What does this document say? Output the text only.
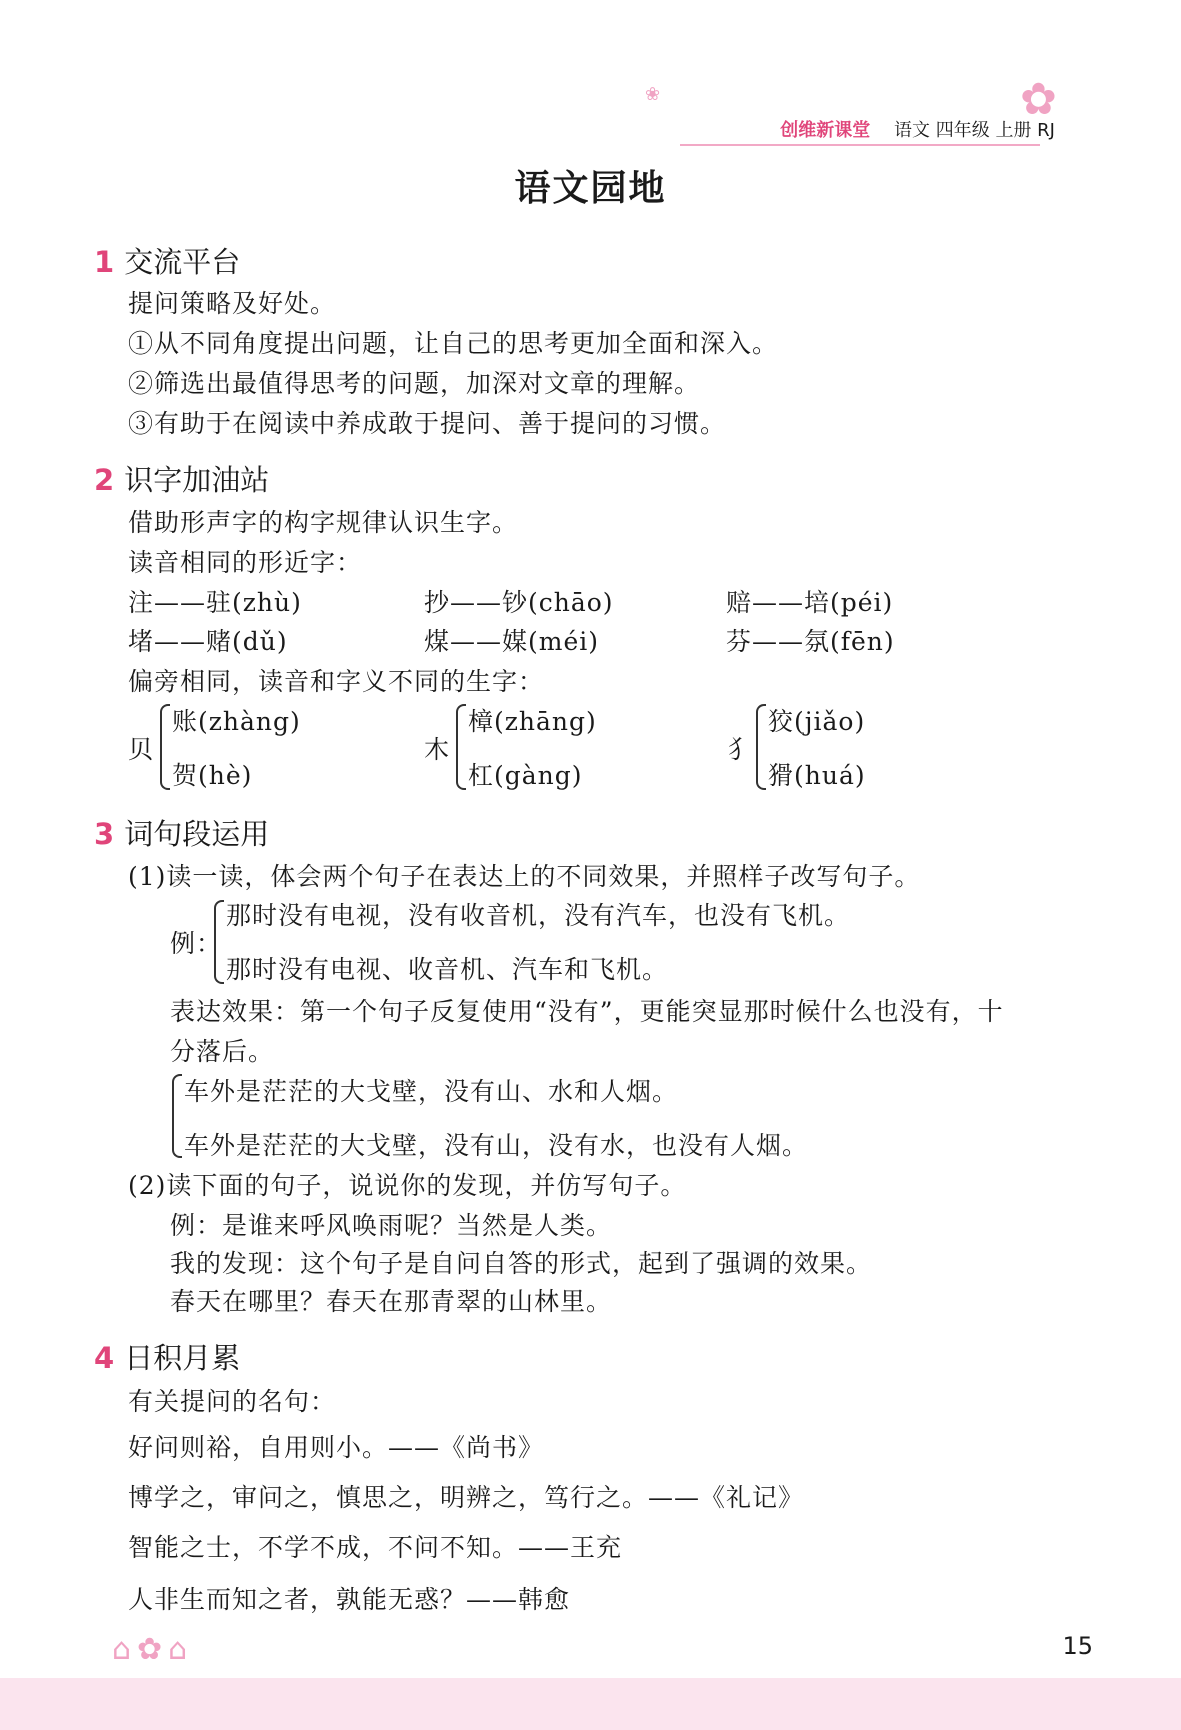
创维新课堂 语文 四年级 上册 RJ
✿
❀
语文园地
1 交流平台
提问策略及好处。
①从不同角度提出问题，让自己的思考更加全面和深入。
②筛选出最值得思考的问题，加深对文章的理解。
③有助于在阅读中养成敢于提问、善于提问的习惯。
2 识字加油站
借助形声字的构字规律认识生字。
读音相同的形近字：
注——驻(zhù)	抄——钞(chāo)	赔——培(péi)
堵——赌(dǔ)	煤——媒(méi)	芬——氛(fēn)
偏旁相同，读音和字义不同的生字：
贝
账(zhàng)
贺(hè)
木
樟(zhāng)
杠(gàng)
犭
狡(jiǎo)
猾(huá)
3 词句段运用
(1)读一读，体会两个句子在表达上的不同效果，并照样子改写句子。
例：
那时没有电视，没有收音机，没有汽车，也没有飞机。
那时没有电视、收音机、汽车和飞机。
表达效果：第一个句子反复使用“没有”，更能突显那时候什么也没有，十
分落后。
车外是茫茫的大戈壁，没有山、水和人烟。
车外是茫茫的大戈壁，没有山，没有水，也没有人烟。
(2)读下面的句子，说说你的发现，并仿写句子。
例：是谁来呼风唤雨呢？当然是人类。
我的发现：这个句子是自问自答的形式，起到了强调的效果。
春天在哪里？春天在那青翠的山林里。
4 日积月累
有关提问的名句：
好问则裕，自用则小。——《尚书》
博学之，审问之，慎思之，明辨之，笃行之。——《礼记》
智能之士，不学不成，不问不知。——王充
人非生而知之者，孰能无惑？——韩愈
⌂✿⌂	15
